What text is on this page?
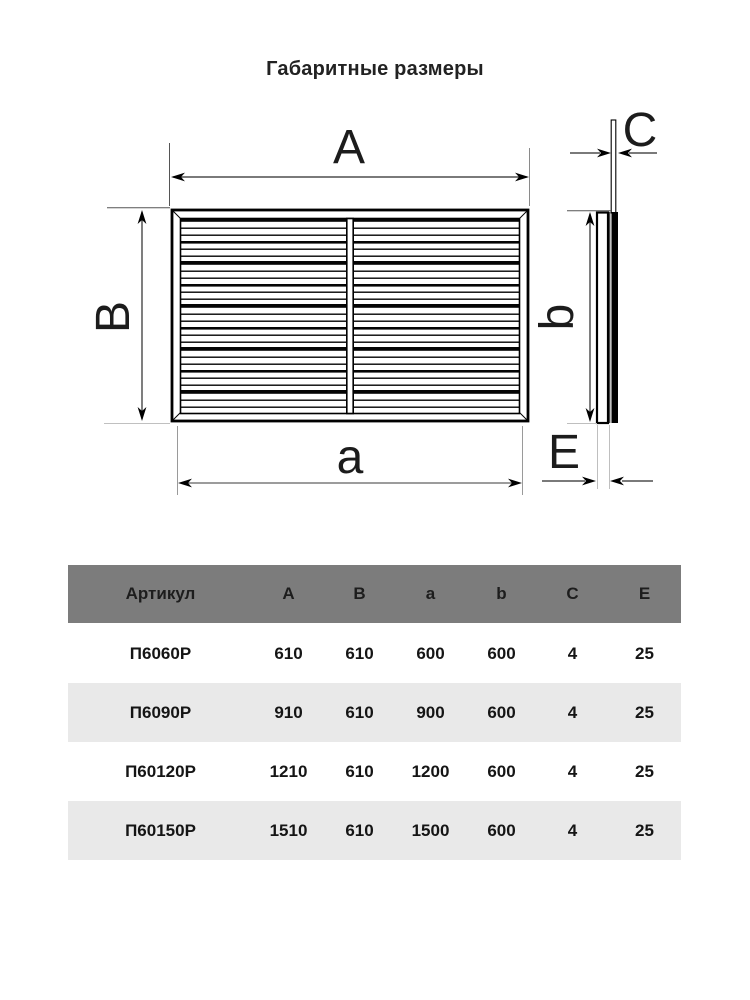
Габаритные размеры
A
B
a
C
b
E
Артикул	A	B	a	b	C	E
П6060Р	610	610	600	600	4	25
П6090Р	910	610	900	600	4	25
П60120Р	1210	610	1200	600	4	25
П60150Р	1510	610	1500	600	4	25
